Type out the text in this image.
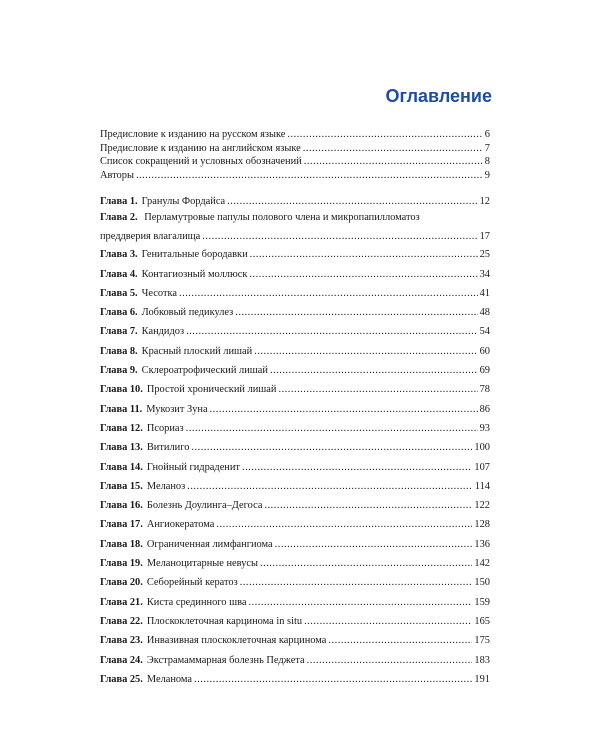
Оглавление
Предисловие к изданию на русском языке .....	6
Предисловие к изданию на английском языке .....	7
Список сокращений и условных обозначений .....	8
Авторы .....	9
Глава 1. Гранулы Фордайса .....	12
Глава 2. Перламутровые папулы полового члена и микропапилломатоз
преддверия влагалища .....	17
Глава 3. Генитальные бородавки .....	25
Глава 4. Контагиозный моллюск .....	34
Глава 5. Чесотка .....	41
Глава 6. Лобковый педикулез .....	48
Глава 7. Кандидоз .....	54
Глава 8. Красный плоский лишай .....	60
Глава 9. Склероатрофический лишай .....	69
Глава 10. Простой хронический лишай .....	78
Глава 11. Мукозит Зуна .....	86
Глава 12. Псориаз .....	93
Глава 13. Витилиго .....	100
Глава 14. Гнойный гидраденит .....	107
Глава 15. Меланоз .....	114
Глава 16. Болезнь Доулинга–Дегоса .....	122
Глава 17. Ангиокератома .....	128
Глава 18. Ограниченная лимфангиома .....	136
Глава 19. Меланоцитарные невусы .....	142
Глава 20. Себорейный кератоз .....	150
Глава 21. Киста срединного шва .....	159
Глава 22. Плоскоклеточная карцинома in situ .....	165
Глава 23. Инвазивная плоскоклеточная карцинома .....	175
Глава 24. Экстрамаммарная болезнь Педжета .....	183
Глава 25. Меланома .....	191
